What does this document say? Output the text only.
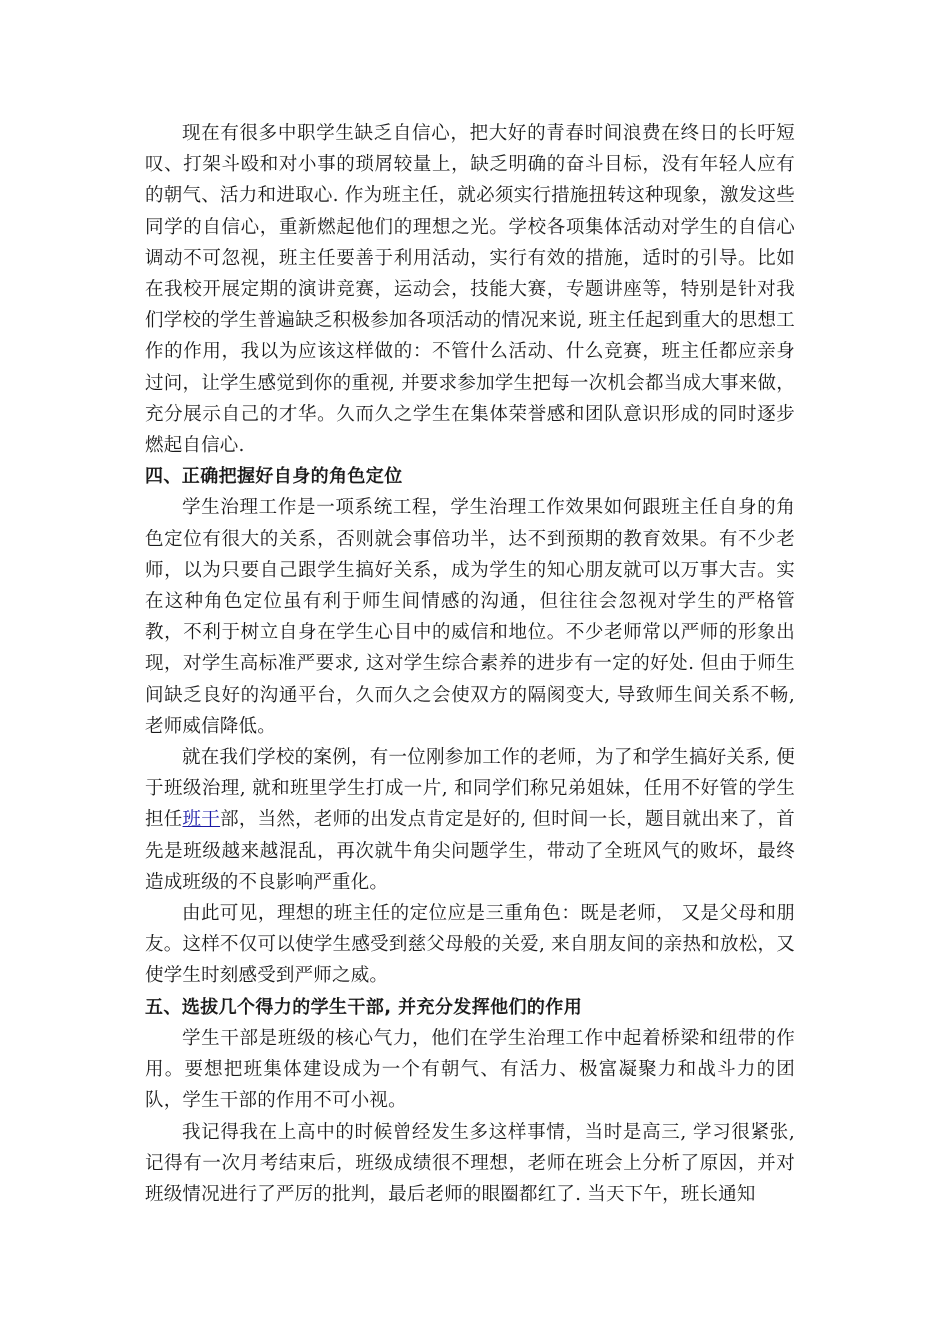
现在有很多中职学生缺乏自信心，把大好的青春时间浪费在终日的长吁短叹、打架斗殴和对小事的琐屑较量上，缺乏明确的奋斗目标，没有年轻人应有的朝气、活力和进取心. 作为班主任，就必须实行措施扭转这种现象，激发这些同学的自信心，重新燃起他们的理想之光。学校各项集体活动对学生的自信心调动不可忽视，班主任要善于利用活动，实行有效的措施，适时的引导。比如在我校开展定期的演讲竞赛，运动会，技能大赛，专题讲座等，特别是针对我们学校的学生普遍缺乏积极参加各项活动的情况来说, 班主任起到重大的思想工作的作用，我以为应该这样做的：不管什么活动、什么竞赛，班主任都应亲身过问，让学生感觉到你的重视, 并要求参加学生把每一次机会都当成大事来做，充分展示自己的才华。久而久之学生在集体荣誉感和团队意识形成的同时逐步燃起自信心.

四、正确把握好自身的角色定位

学生治理工作是一项系统工程，学生治理工作效果如何跟班主任自身的角色定位有很大的关系，否则就会事倍功半，达不到预期的教育效果。有不少老师，以为只要自己跟学生搞好关系，成为学生的知心朋友就可以万事大吉。实在这种角色定位虽有利于师生间情感的沟通，但往往会忽视对学生的严格管教，不利于树立自身在学生心目中的威信和地位。不少老师常以严师的形象出现，对学生高标准严要求, 这对学生综合素养的进步有一定的好处. 但由于师生间缺乏良好的沟通平台，久而久之会使双方的隔阂变大, 导致师生间关系不畅, 老师威信降低。

就在我们学校的案例，有一位刚参加工作的老师，为了和学生搞好关系, 便于班级治理, 就和班里学生打成一片, 和同学们称兄弟姐妹，任用不好管的学生担任班干部，当然，老师的出发点肯定是好的, 但时间一长，题目就出来了，首先是班级越来越混乱，再次就牛角尖问题学生，带动了全班风气的败坏，最终造成班级的不良影响严重化。

由此可见，理想的班主任的定位应是三重角色：既是老师， 又是父母和朋友。这样不仅可以使学生感受到慈父母般的关爱, 来自朋友间的亲热和放松，又使学生时刻感受到严师之威。

五、选拔几个得力的学生干部, 并充分发挥他们的作用

学生干部是班级的核心气力，他们在学生治理工作中起着桥梁和纽带的作用。要想把班集体建设成为一个有朝气、有活力、极富凝聚力和战斗力的团队，学生干部的作用不可小视。

我记得我在上高中的时候曾经发生多这样事情，当时是高三, 学习很紧张, 记得有一次月考结束后，班级成绩很不理想，老师在班会上分析了原因，并对班级情况进行了严厉的批判，最后老师的眼圈都红了. 当天下午，班长通知
